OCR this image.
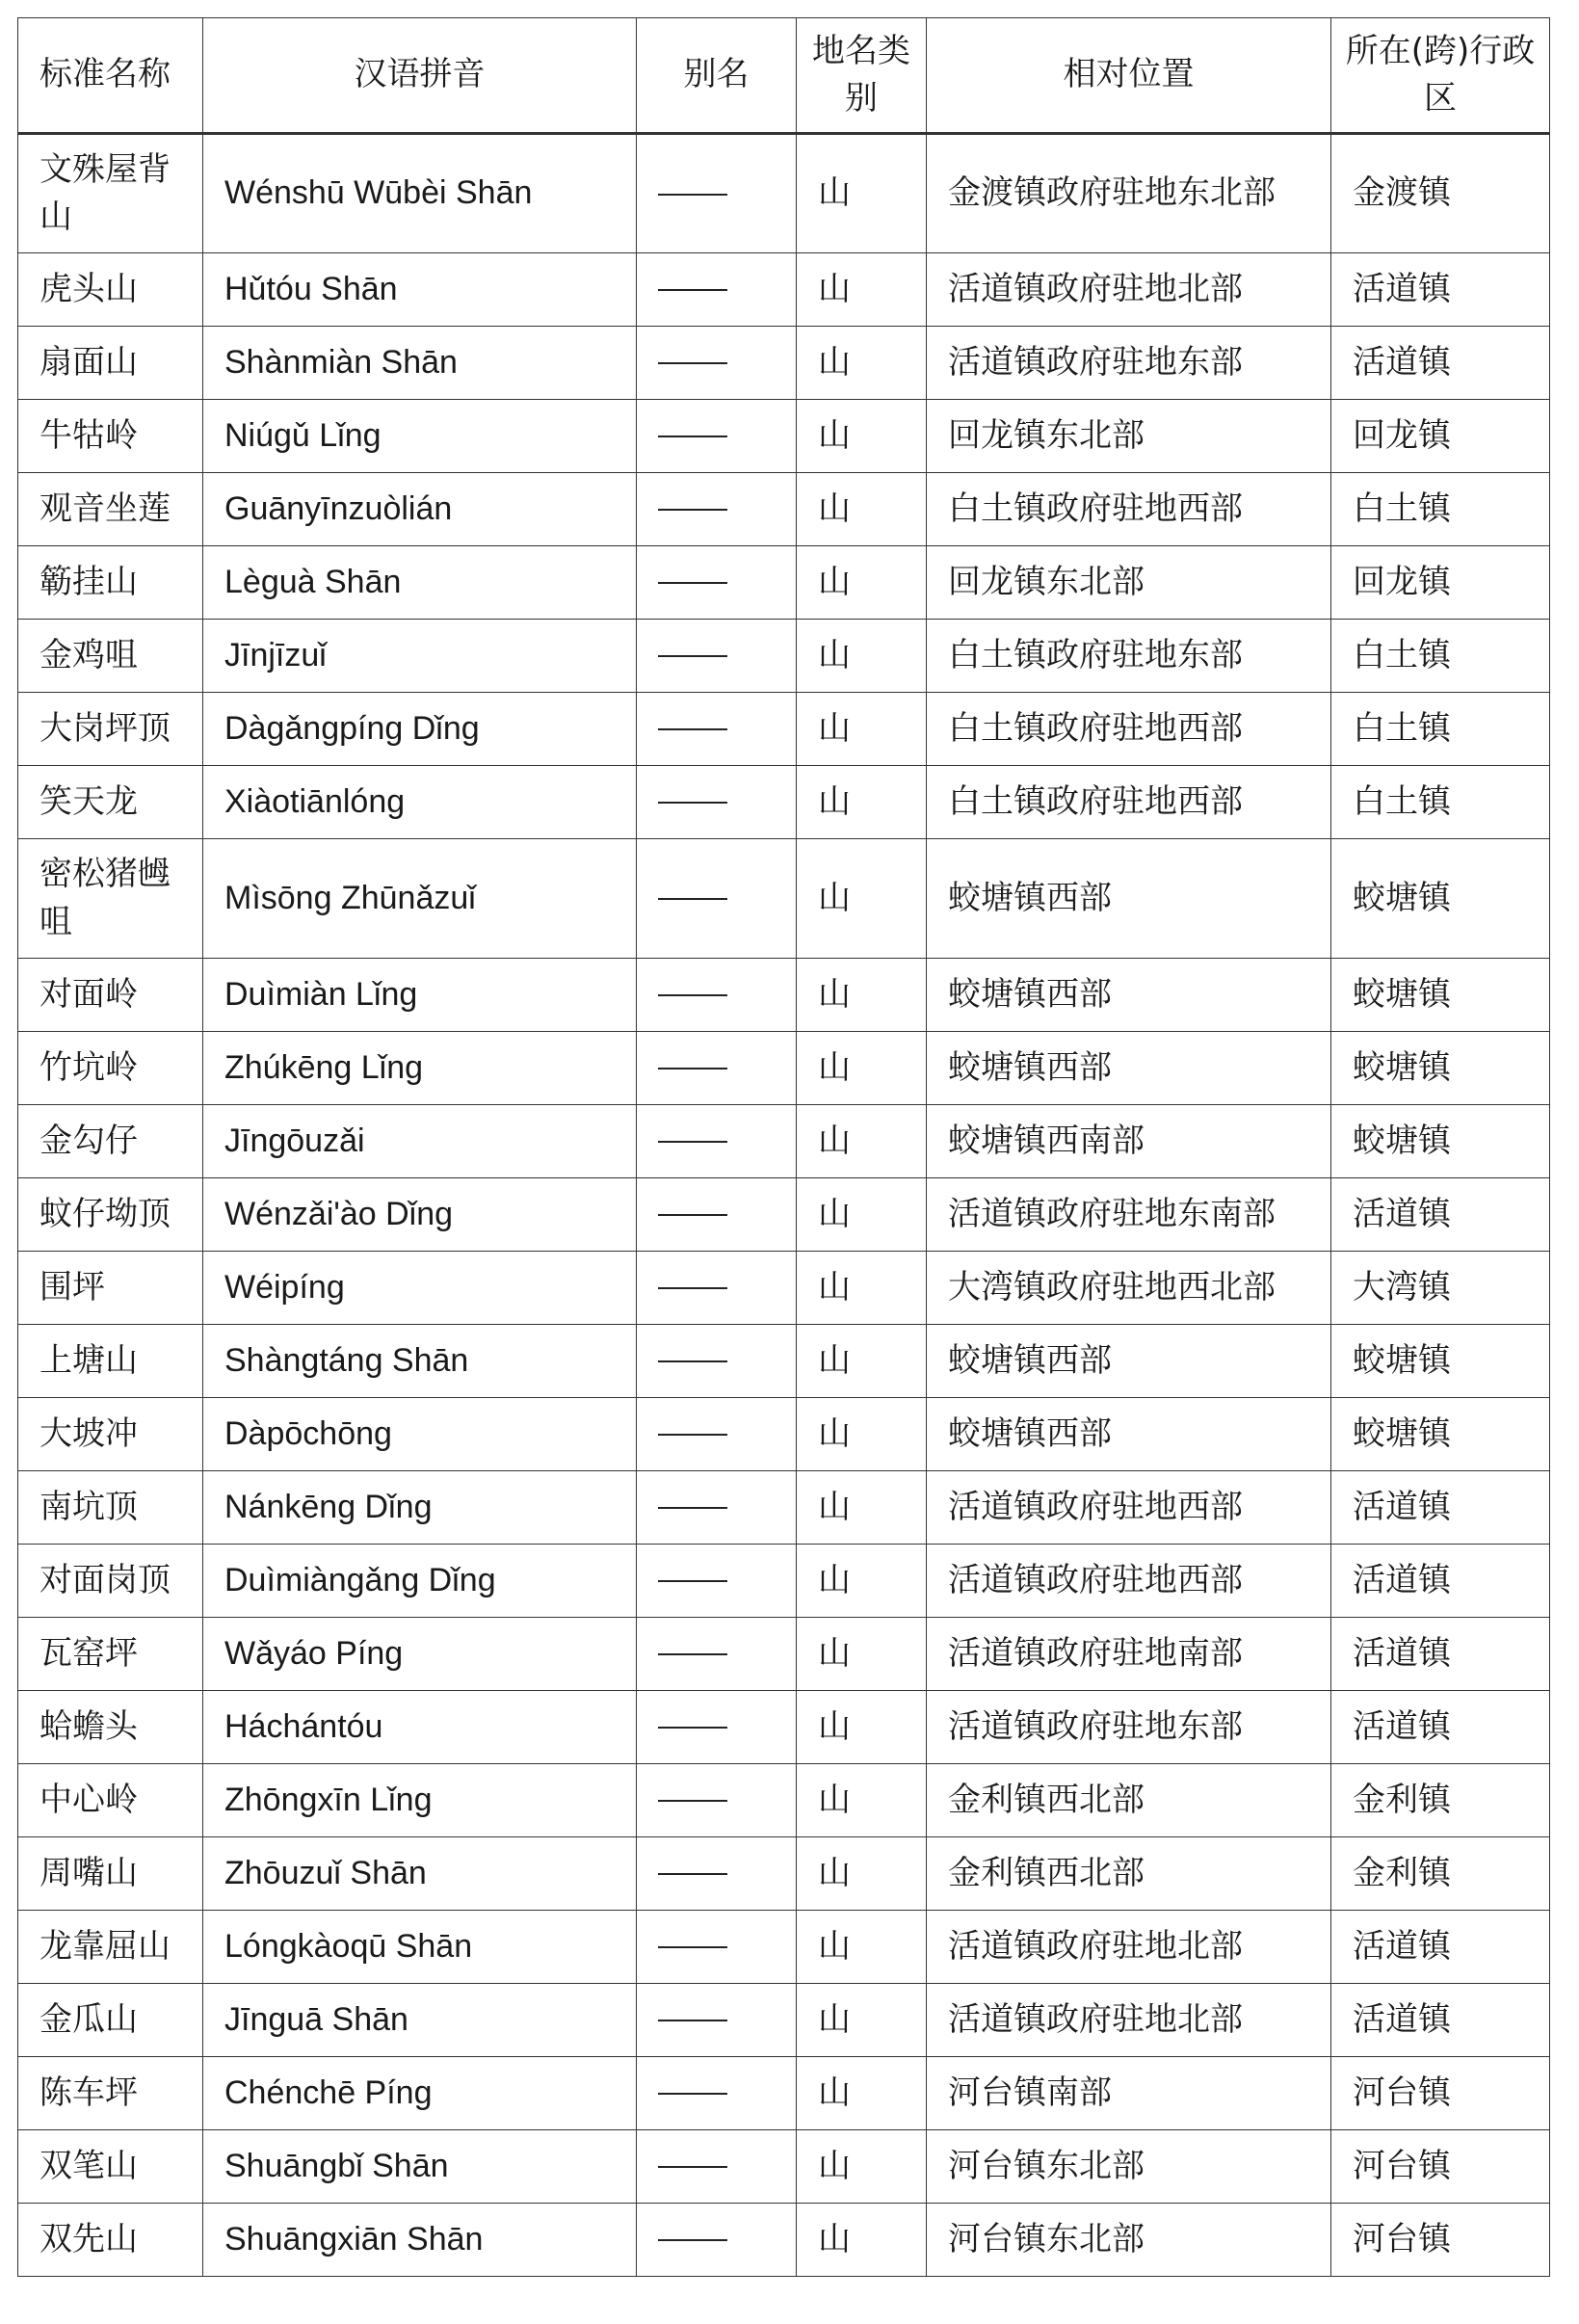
标准名称	汉语拼音	别名	地名类别	相对位置	所在(跨)行政区
文殊屋背山	Wénshū Wūbèi Shān		山	金渡镇政府驻地东北部	金渡镇
虎头山	Hǔtóu Shān		山	活道镇政府驻地北部	活道镇
扇面山	Shànmiàn Shān		山	活道镇政府驻地东部	活道镇
牛牯岭	Niúgǔ Lǐng		山	回龙镇东北部	回龙镇
观音坐莲	Guānyīnzuòlián		山	白土镇政府驻地西部	白土镇
簕挂山	Lèguà Shān		山	回龙镇东北部	回龙镇
金鸡咀	Jīnjīzuǐ		山	白土镇政府驻地东部	白土镇
大岗坪顶	Dàgǎngpíng Dǐng		山	白土镇政府驻地西部	白土镇
笑天龙	Xiàotiānlóng		山	白土镇政府驻地西部	白土镇
密松猪乸咀	Mìsōng Zhūnǎzuǐ		山	蛟塘镇西部	蛟塘镇
对面岭	Duìmiàn Lǐng		山	蛟塘镇西部	蛟塘镇
竹坑岭	Zhúkēng Lǐng		山	蛟塘镇西部	蛟塘镇
金勾仔	Jīngōuzǎi		山	蛟塘镇西南部	蛟塘镇
蚊仔坳顶	Wénzǎi'ào Dǐng		山	活道镇政府驻地东南部	活道镇
围坪	Wéipíng		山	大湾镇政府驻地西北部	大湾镇
上塘山	Shàngtáng Shān		山	蛟塘镇西部	蛟塘镇
大坡冲	Dàpōchōng		山	蛟塘镇西部	蛟塘镇
南坑顶	Nánkēng Dǐng		山	活道镇政府驻地西部	活道镇
对面岗顶	Duìmiàngǎng Dǐng		山	活道镇政府驻地西部	活道镇
瓦窑坪	Wǎyáo Píng		山	活道镇政府驻地南部	活道镇
蛤蟾头	Háchántóu		山	活道镇政府驻地东部	活道镇
中心岭	Zhōngxīn Lǐng		山	金利镇西北部	金利镇
周嘴山	Zhōuzuǐ Shān		山	金利镇西北部	金利镇
龙靠屈山	Lóngkàoqū Shān		山	活道镇政府驻地北部	活道镇
金瓜山	Jīnguā Shān		山	活道镇政府驻地北部	活道镇
陈车坪	Chénchē Píng		山	河台镇南部	河台镇
双笔山	Shuāngbǐ Shān		山	河台镇东北部	河台镇
双先山	Shuāngxiān Shān		山	河台镇东北部	河台镇
